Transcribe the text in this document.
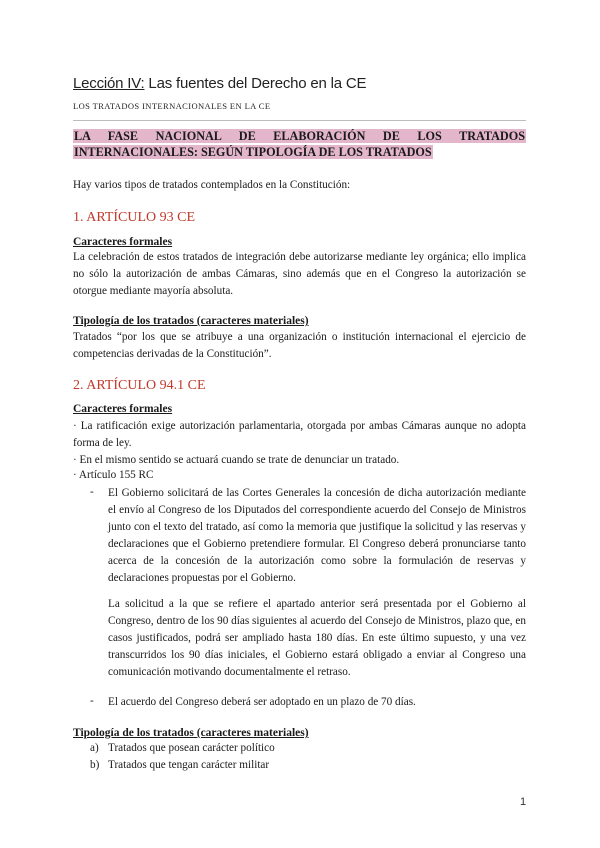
Lección IV: Las fuentes del Derecho en la CE
LOS TRATADOS INTERNACIONALES EN LA CE
LA FASE NACIONAL DE ELABORACIÓN DE LOS TRATADOS INTERNACIONALES: SEGÚN TIPOLOGÍA DE LOS TRATADOS
Hay varios tipos de tratados contemplados en la Constitución:
1. ARTÍCULO 93 CE
Caracteres formales
La celebración de estos tratados de integración debe autorizarse mediante ley orgánica; ello implica no sólo la autorización de ambas Cámaras, sino además que en el Congreso la autorización se otorgue mediante mayoría absoluta.
Tipología de los tratados (caracteres materiales)
Tratados “por los que se atribuye a una organización o institución internacional el ejercicio de competencias derivadas de la Constitución”.
2. ARTÍCULO 94.1 CE
Caracteres formales
· La ratificación exige autorización parlamentaria, otorgada por ambas Cámaras aunque no adopta forma de ley.
· En el mismo sentido se actuará cuando se trate de denunciar un tratado.
· Artículo 155 RC
- El Gobierno solicitará de las Cortes Generales la concesión de dicha autorización mediante el envío al Congreso de los Diputados del correspondiente acuerdo del Consejo de Ministros junto con el texto del tratado, así como la memoria que justifique la solicitud y las reservas y declaraciones que el Gobierno pretendiere formular. El Congreso deberá pronunciarse tanto acerca de la concesión de la autorización como sobre la formulación de reservas y declaraciones propuestas por el Gobierno.
La solicitud a la que se refiere el apartado anterior será presentada por el Gobierno al Congreso, dentro de los 90 días siguientes al acuerdo del Consejo de Ministros, plazo que, en casos justificados, podrá ser ampliado hasta 180 días. En este último supuesto, y una vez transcurridos los 90 días iniciales, el Gobierno estará obligado a enviar al Congreso una comunicación motivando documentalmente el retraso.
- El acuerdo del Congreso deberá ser adoptado en un plazo de 70 días.
Tipología de los tratados (caracteres materiales)
a) Tratados que posean carácter político
b) Tratados que tengan carácter militar
1
